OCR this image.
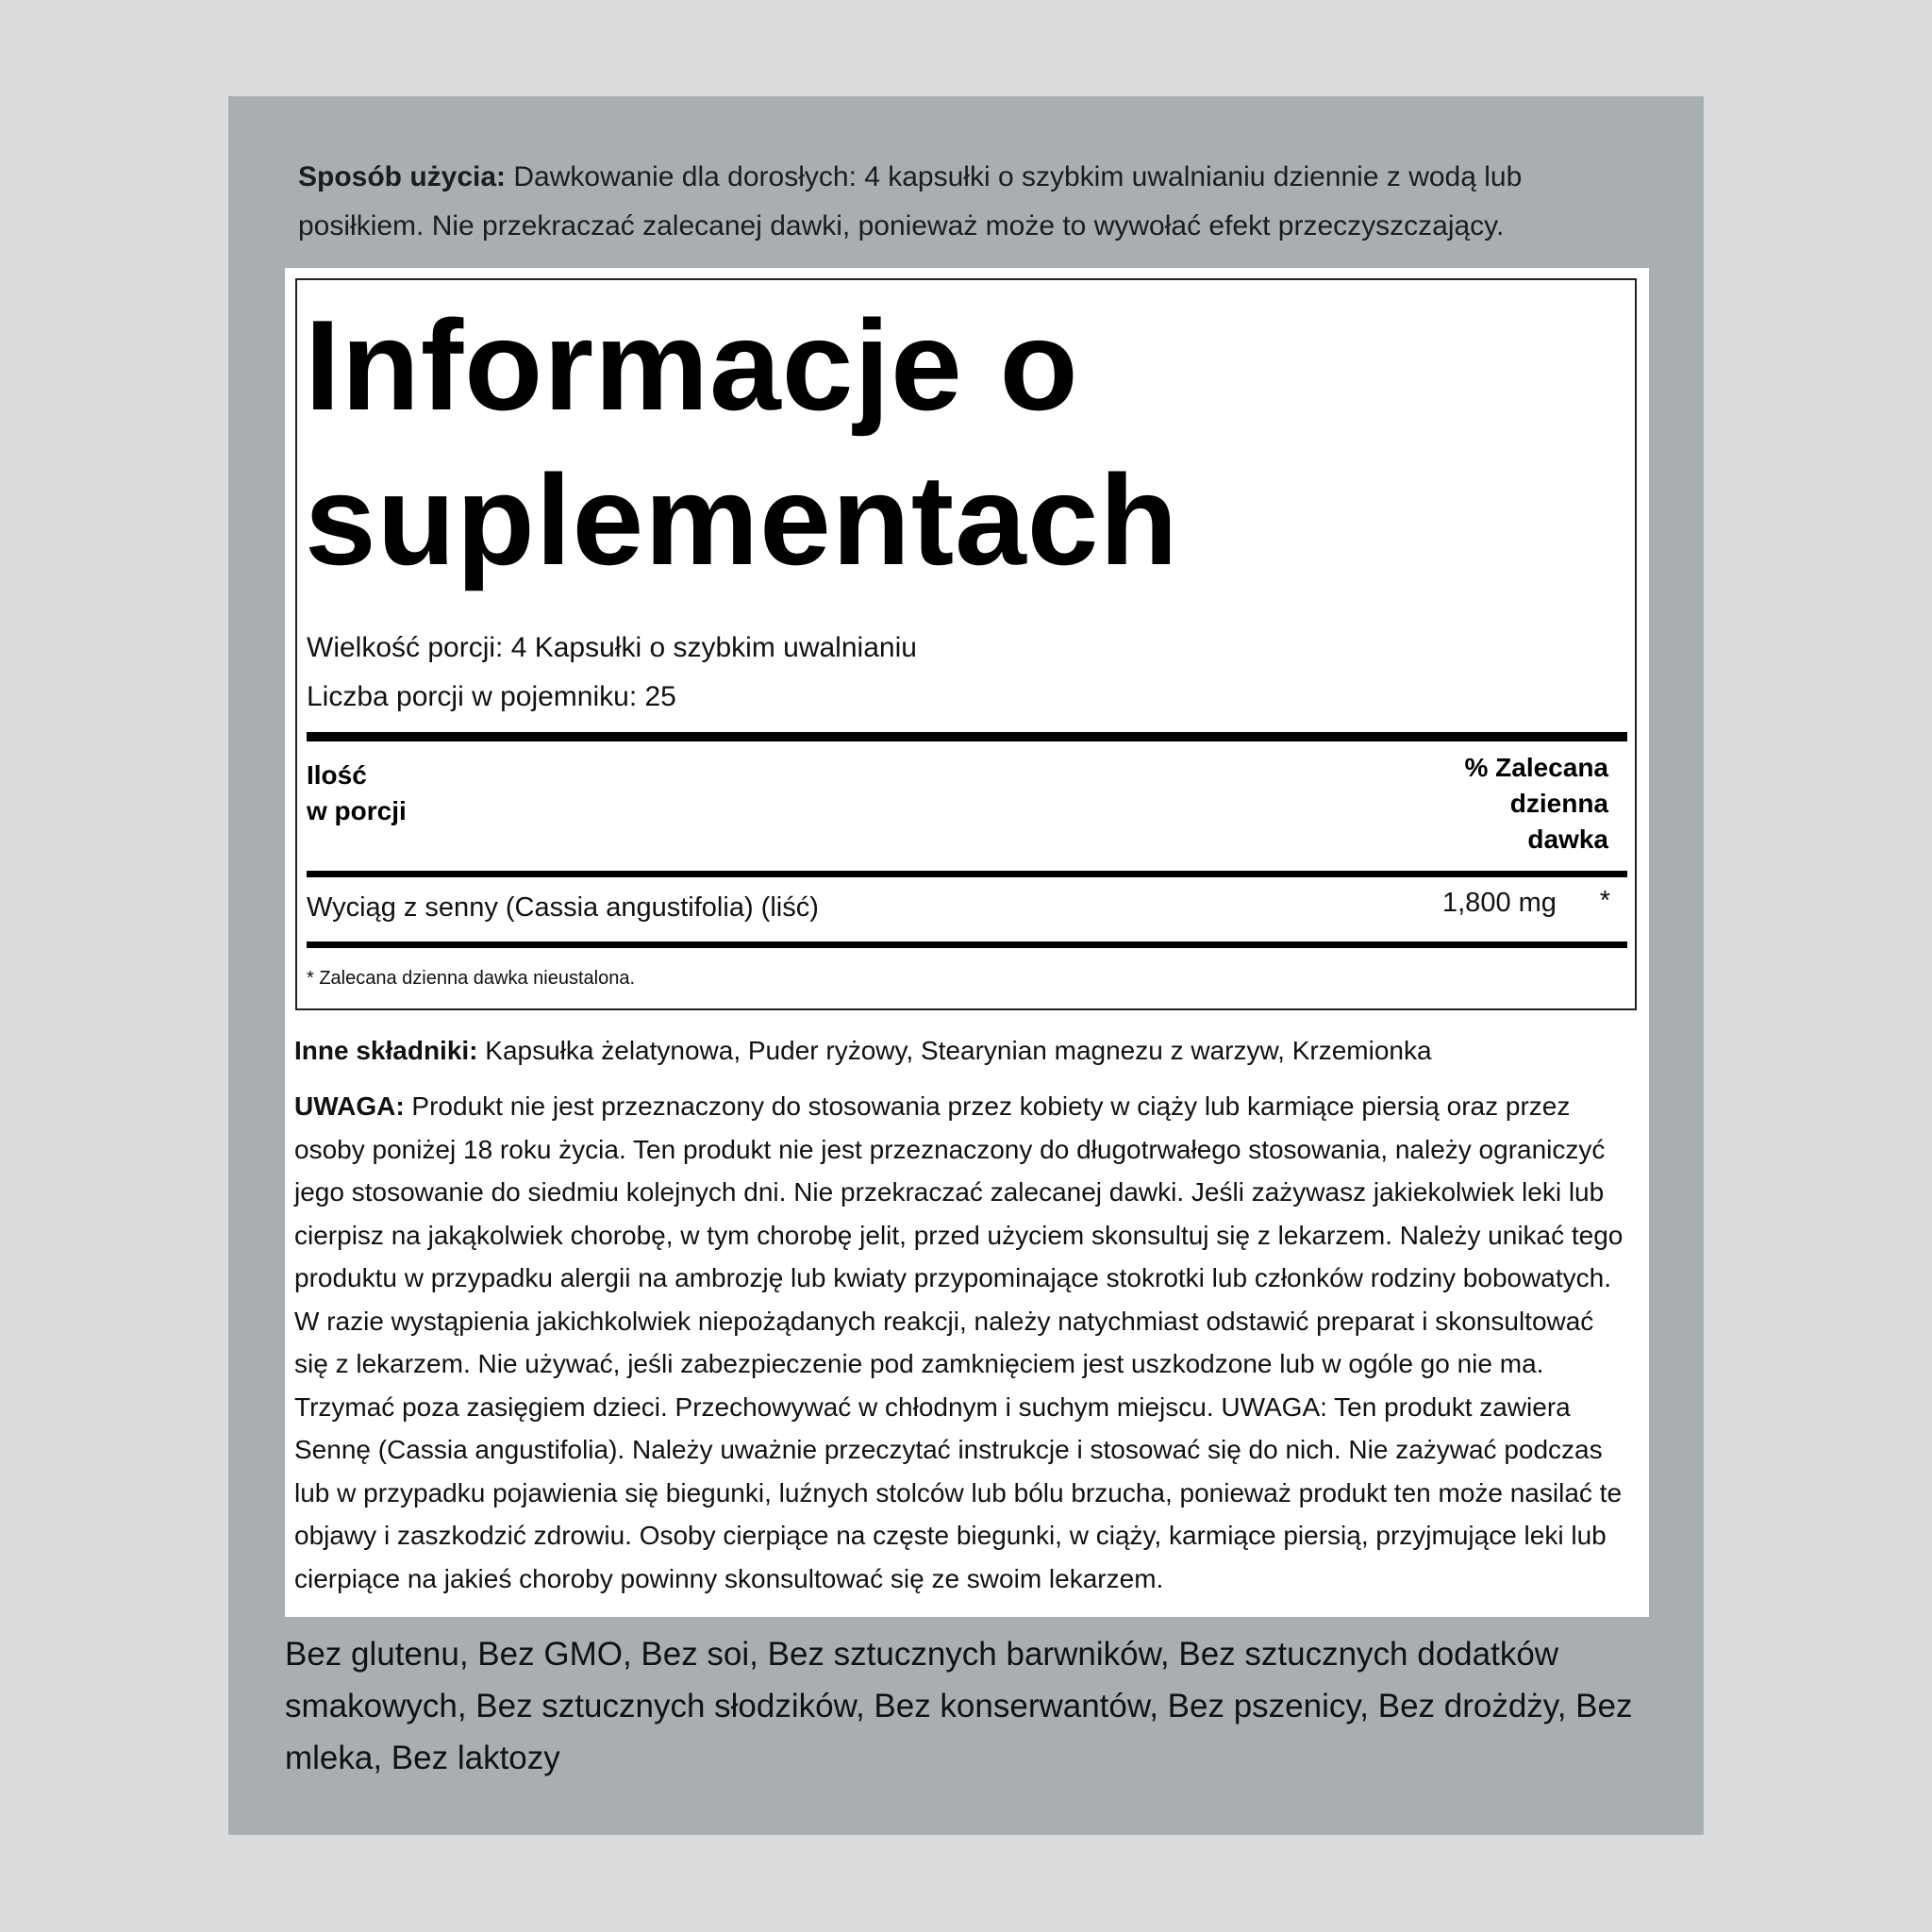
Sposób użycia: Dawkowanie dla dorosłych: 4 kapsułki o szybkim uwalnianiu dziennie z wodą lub posiłkiem. Nie przekraczać zalecanej dawki, ponieważ może to wywołać efekt przeczyszczający.
Informacje o
suplementach
Wielkość porcji: 4 Kapsułki o szybkim uwalnianiu
Liczba porcji w pojemniku: 25
Ilość
w porcji
% Zalecana
dzienna
dawka
Wyciąg z senny (Cassia angustifolia) (liść)	1,800 mg *
* Zalecana dzienna dawka nieustalona.
Inne składniki: Kapsułka żelatynowa, Puder ryżowy, Stearynian magnezu z warzyw, Krzemionka
UWAGA: Produkt nie jest przeznaczony do stosowania przez kobiety w ciąży lub karmiące piersią oraz przez osoby poniżej 18 roku życia. Ten produkt nie jest przeznaczony do długotrwałego stosowania, należy ograniczyć jego stosowanie do siedmiu kolejnych dni. Nie przekraczać zalecanej dawki. Jeśli zażywasz jakiekolwiek leki lub cierpisz na jakąkolwiek chorobę, w tym chorobę jelit, przed użyciem skonsultuj się z lekarzem. Należy unikać tego produktu w przypadku alergii na ambrozję lub kwiaty przypominające stokrotki lub członków rodziny bobowatych. W razie wystąpienia jakichkolwiek niepożądanych reakcji, należy natychmiast odstawić preparat i skonsultować się z lekarzem. Nie używać, jeśli zabezpieczenie pod zamknięciem jest uszkodzone lub w ogóle go nie ma. Trzymać poza zasięgiem dzieci. Przechowywać w chłodnym i suchym miejscu. UWAGA: Ten produkt zawiera Sennę (Cassia angustifolia). Należy uważnie przeczytać instrukcje i stosować się do nich. Nie zażywać podczas lub w przypadku pojawienia się biegunki, luźnych stolców lub bólu brzucha, ponieważ produkt ten może nasilać te objawy i zaszkodzić zdrowiu. Osoby cierpiące na częste biegunki, w ciąży, karmiące piersią, przyjmujące leki lub cierpiące na jakieś choroby powinny skonsultować się ze swoim lekarzem.
Bez glutenu, Bez GMO, Bez soi, Bez sztucznych barwników, Bez sztucznych dodatków smakowych, Bez sztucznych słodzików, Bez konserwantów, Bez pszenicy, Bez drożdży, Bez mleka, Bez laktozy
